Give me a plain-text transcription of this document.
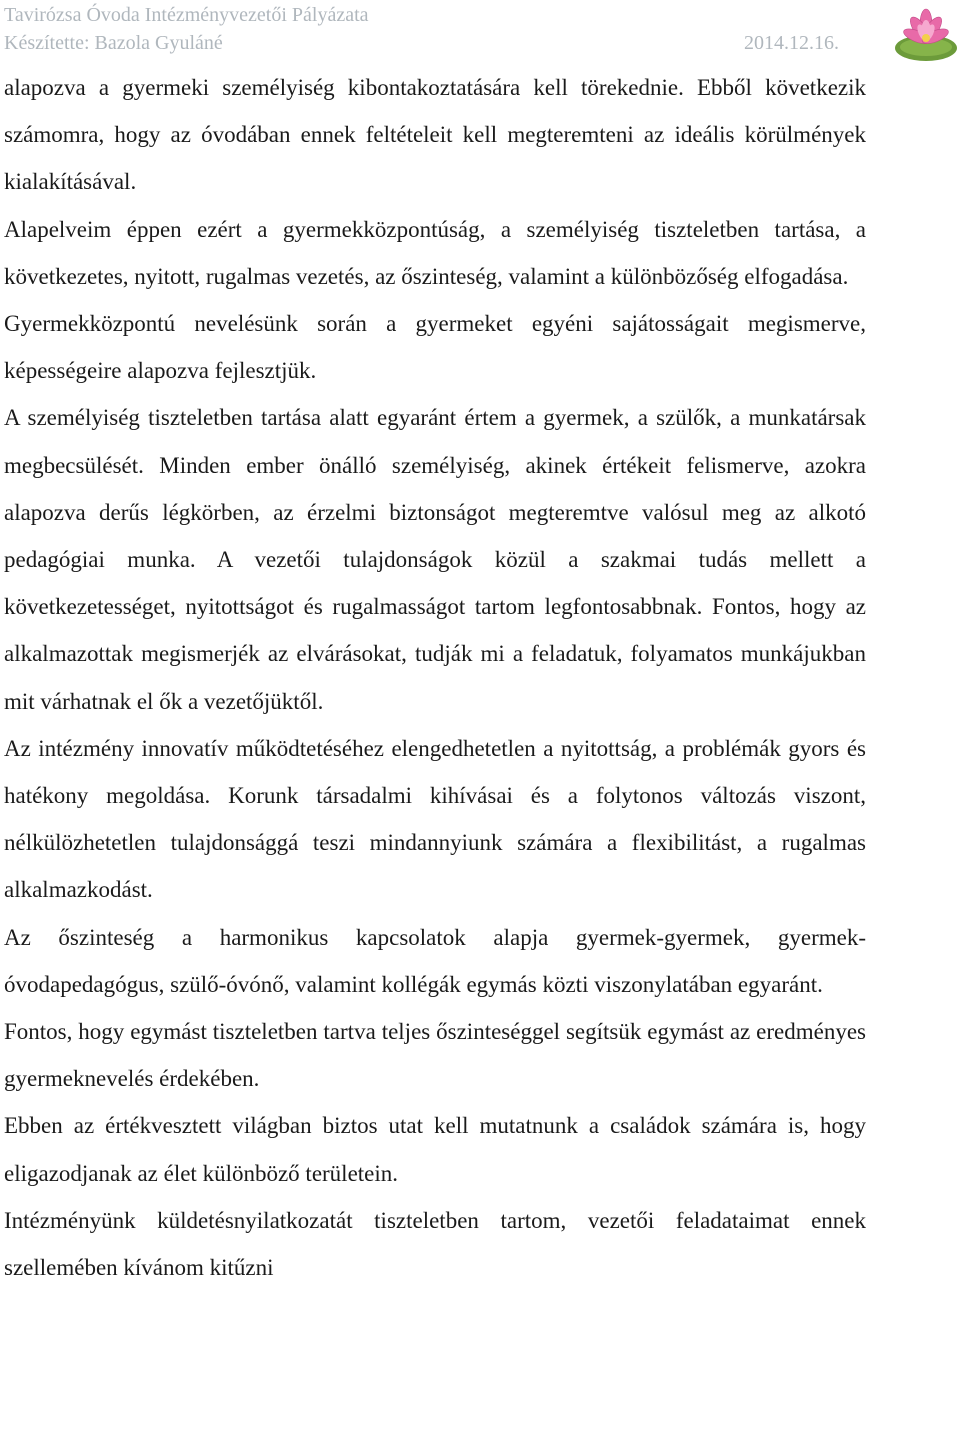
Tavirózsa Óvoda Intézményvezetői Pályázata
Készítette: Bazola Gyuláné	2014.12.16.

alapozva a gyermeki személyiség kibontakoztatására kell törekednie. Ebből következik számomra, hogy az óvodában ennek feltételeit kell megteremteni az ideális körülmények kialakításával.

Alapelveim éppen ezért a gyermekközpontúság, a személyiség tiszteletben tartása, a következetes, nyitott, rugalmas vezetés, az őszinteség, valamint a különbözőség elfogadása.

Gyermekközpontú nevelésünk során a gyermeket egyéni sajátosságait megismerve, képességeire alapozva fejlesztjük.

A személyiség tiszteletben tartása alatt egyaránt értem a gyermek, a szülők, a munkatársak megbecsülését. Minden ember önálló személyiség, akinek értékeit felismerve, azokra alapozva derűs légkörben, az érzelmi biztonságot megteremtve valósul meg az alkotó pedagógiai munka. A vezetői tulajdonságok közül a szakmai tudás mellett a következetességet, nyitottságot és rugalmasságot tartom legfontosabbnak. Fontos, hogy az alkalmazottak megismerjék az elvárásokat, tudják mi a feladatuk, folyamatos munkájukban mit várhatnak el ők a vezetőjüktől.

Az intézmény innovatív működtetéséhez elengedhetetlen a nyitottság, a problémák gyors és hatékony megoldása. Korunk társadalmi kihívásai és a folytonos változás viszont, nélkülözhetetlen tulajdonsággá teszi mindannyiunk számára a flexibilitást, a rugalmas alkalmazkodást.

Az őszinteség a harmonikus kapcsolatok alapja gyermek-gyermek, gyermek-óvodapedagógus, szülő-óvónő, valamint kollégák egymás közti viszonylatában egyaránt.

Fontos, hogy egymást tiszteletben tartva teljes őszinteséggel segítsük egymást az eredményes gyermeknevelés érdekében.

Ebben az értékvesztett világban biztos utat kell mutatnunk a családok számára is, hogy eligazodjanak az élet különböző területein.

Intézményünk küldetésnyilatkozatát tiszteletben tartom, vezetői feladataimat ennek szellemében kívánom kitűzni
